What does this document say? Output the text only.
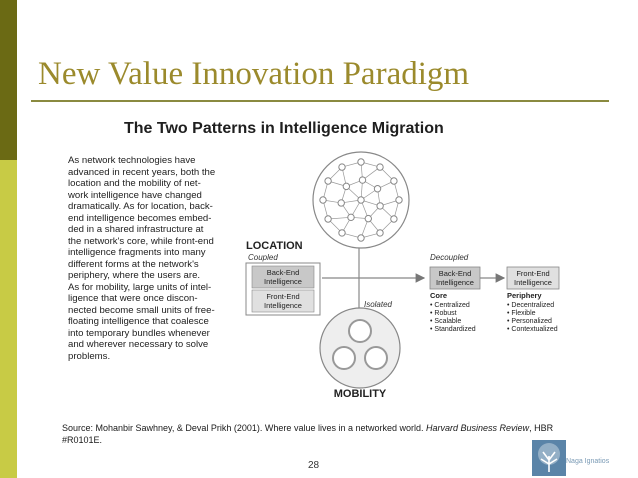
New Value Innovation Paradigm
The Two Patterns in Intelligence Migration

As network technologies have
advanced in recent years, both the
location and the mobility of net-
work intelligence have changed
dramatically. As for location, back-
end intelligence becomes embed-
ded in a shared infrastructure at
the network's core, while front-end
intelligence fragments into many
different forms at the network's
periphery, where the users are.
As for mobility, large units of intel-
ligence that were once discon-
nected become small units of free-
floating intelligence that coalesce
into temporary bundles whenever
and wherever necessary to solve
problems.

LOCATION
Coupled
Back-End
Intelligence
Front-End
Intelligence
Decoupled
Back-End
Intelligence
Front-End
Intelligence
Core
• Centralized
• Robust
• Scalable
• Standardized
Periphery
• Decentralized
• Flexible
• Personalized
• Contextualized
Isolated
MOBILITY

Source: Mohanbir Sawhney, & Deval Prikh (2001). Where value lives in a networked world. Harvard Business Review, HBR #R0101E.

28	Naga Ignatios
